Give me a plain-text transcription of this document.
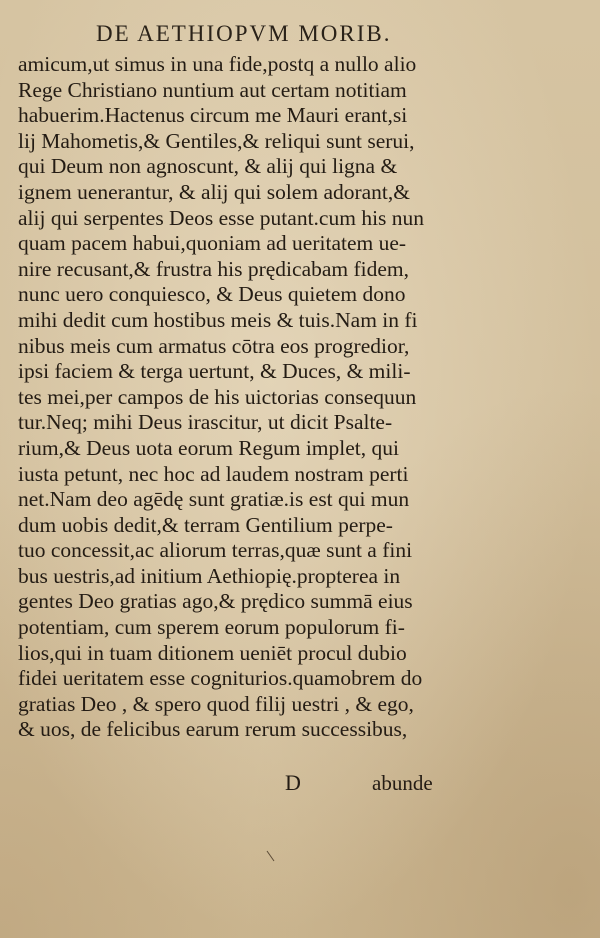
DE AETHIOPVM MORIB.
amicum,ut simus in una fide,postq a nullo alio
Rege Christiano nuntium aut certam notitiam
habuerim.Hactenus circum me Mauri erant,si
lij Mahometis,& Gentiles,& reliqui sunt serui,
qui Deum non agnoscunt, & alij qui ligna &
ignem uenerantur, & alij qui solem adorant,&
alij qui serpentes Deos esse putant.cum his nun
quam pacem habui,quoniam ad ueritatem ue-
nire recusant,& frustra his prędicabam fidem,
nunc uero conquiesco, & Deus quietem dono
mihi dedit cum hostibus meis & tuis.Nam in fi
nibus meis cum armatus cōtra eos progredior,
ipsi faciem & terga uertunt, & Duces, & mili-
tes mei,per campos de his uictorias consequun
tur.Neq; mihi Deus irascitur, ut dicit Psalte-
rium,& Deus uota eorum Regum implet, qui
iusta petunt, nec hoc ad laudem nostram perti
net.Nam deo agēdę sunt gratiæ.is est qui mun
dum uobis dedit,& terram Gentilium perpe-
tuo concessit,ac aliorum terras,quæ sunt a fini
bus uestris,ad initium Aethiopię.propterea in
gentes Deo gratias ago,& prędico summā eius
potentiam, cum sperem eorum populorum fi-
lios,qui in tuam ditionem ueniēt procul dubio
fidei ueritatem esse cogniturios.quamobrem do
gratias Deo , & spero quod filij uestri , & ego,
& uos, de felicibus earum rerum successibus,
D	abunde
